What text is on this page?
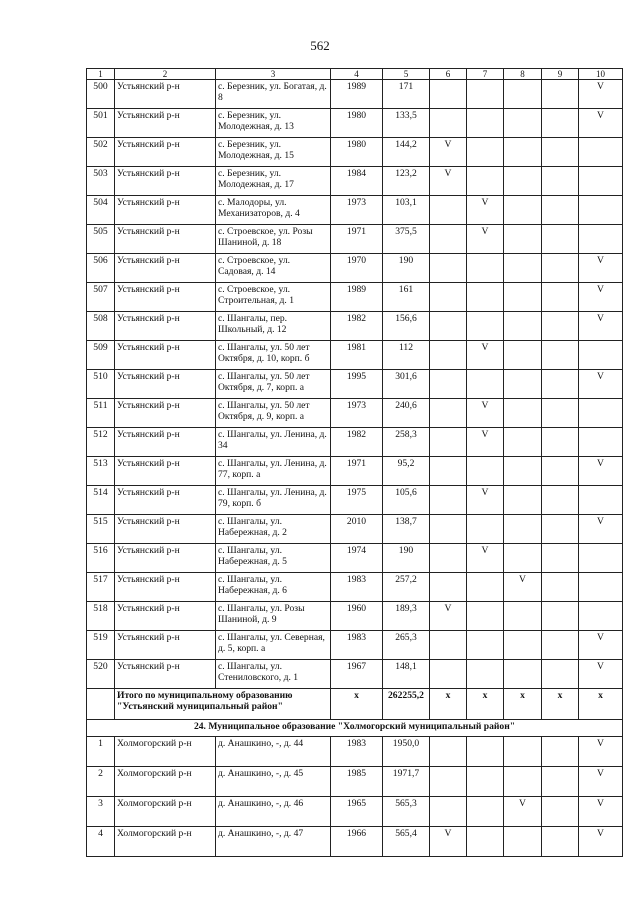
562
1	2	3	4	5	6	7	8	9	10
500	Устьянский р-н	с. Березник, ул. Богатая, д. 8	1989	171					V
501	Устьянский р-н	с. Березник, ул. Молодежная, д. 13	1980	133,5					V
502	Устьянский р-н	с. Березник, ул. Молодежная, д. 15	1980	144,2	V				
503	Устьянский р-н	с. Березник, ул. Молодежная, д. 17	1984	123,2	V				
504	Устьянский р-н	с. Малодоры, ул. Механизаторов, д. 4	1973	103,1		V			
505	Устьянский р-н	с. Строевское, ул. Розы Шаниной, д. 18	1971	375,5		V			
506	Устьянский р-н	с. Строевское, ул. Садовая, д. 14	1970	190					V
507	Устьянский р-н	с. Строевское, ул. Строительная, д. 1	1989	161					V
508	Устьянский р-н	с. Шангалы, пер. Школьный, д. 12	1982	156,6					V
509	Устьянский р-н	с. Шангалы, ул. 50 лет Октября, д. 10, корп. б	1981	112		V			
510	Устьянский р-н	с. Шангалы, ул. 50 лет Октября, д. 7, корп. а	1995	301,6					V
511	Устьянский р-н	с. Шангалы, ул. 50 лет Октября, д. 9, корп. а	1973	240,6		V			
512	Устьянский р-н	с. Шангалы, ул. Ленина, д. 34	1982	258,3		V			
513	Устьянский р-н	с. Шангалы, ул. Ленина, д. 77, корп. а	1971	95,2					V
514	Устьянский р-н	с. Шангалы, ул. Ленина, д. 79, корп. б	1975	105,6		V			
515	Устьянский р-н	с. Шангалы, ул. Набережная, д. 2	2010	138,7					V
516	Устьянский р-н	с. Шангалы, ул. Набережная, д. 5	1974	190		V			
517	Устьянский р-н	с. Шангалы, ул. Набережная, д. 6	1983	257,2			V		
518	Устьянский р-н	с. Шангалы, ул. Розы Шаниной, д. 9	1960	189,3	V				
519	Устьянский р-н	с. Шангалы, ул. Северная, д. 5, корп. а	1983	265,3					V
520	Устьянский р-н	с. Шангалы, ул. Стениловского, д. 1	1967	148,1					V
	Итого по муниципальному образованию "Устьянский муниципальный район"		x	262255,2	x	x	x	x	x
24. Муниципальное образование "Холмогорский муниципальный район"									
1	Холмогорский р-н	д. Анашкино, -, д. 44	1983	1950,0					V
2	Холмогорский р-н	д. Анашкино, -, д. 45	1985	1971,7					V
3	Холмогорский р-н	д. Анашкино, -, д. 46	1965	565,3			V		V
4	Холмогорский р-н	д. Анашкино, -, д. 47	1966	565,4	V				V
